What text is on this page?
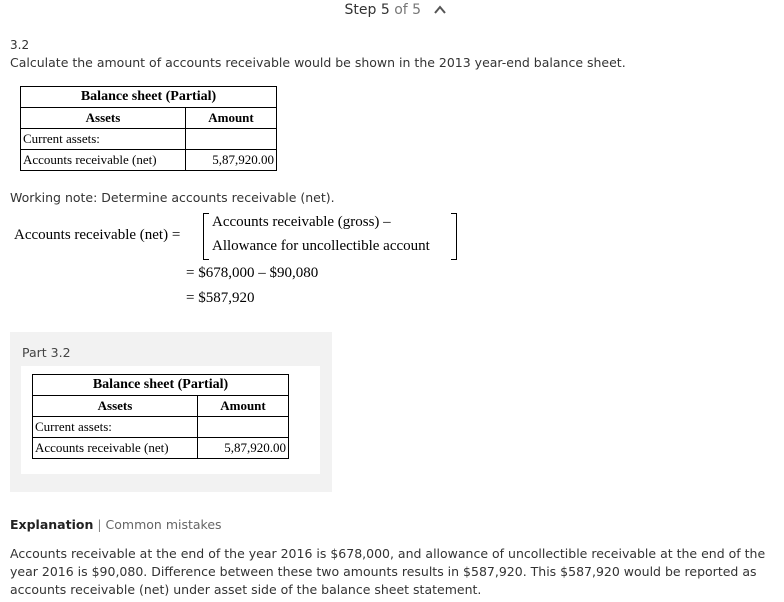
Step 5 of 5
3.2
Calculate the amount of accounts receivable would be shown in the 2013 year-end balance sheet.
Balance sheet (Partial)	
Assets	Amount
Current assets:	
Accounts receivable (net)	5,87,920.00
Working note: Determine accounts receivable (net).
Accounts receivable (net) =
Accounts receivable (gross) –
Allowance for uncollectible account
= $678,000 – $90,080
= $587,920
Part 3.2
Balance sheet (Partial)	
Assets	Amount
Current assets:	
Accounts receivable (net)	5,87,920.00
Explanation | Common mistakes
Accounts receivable at the end of the year 2016 is $678,000, and allowance of uncollectible receivable at the end of the year 2016 is $90,080. Difference between these two amounts results in $587,920. This $587,920 would be reported as accounts receivable (net) under asset side of the balance sheet statement.
